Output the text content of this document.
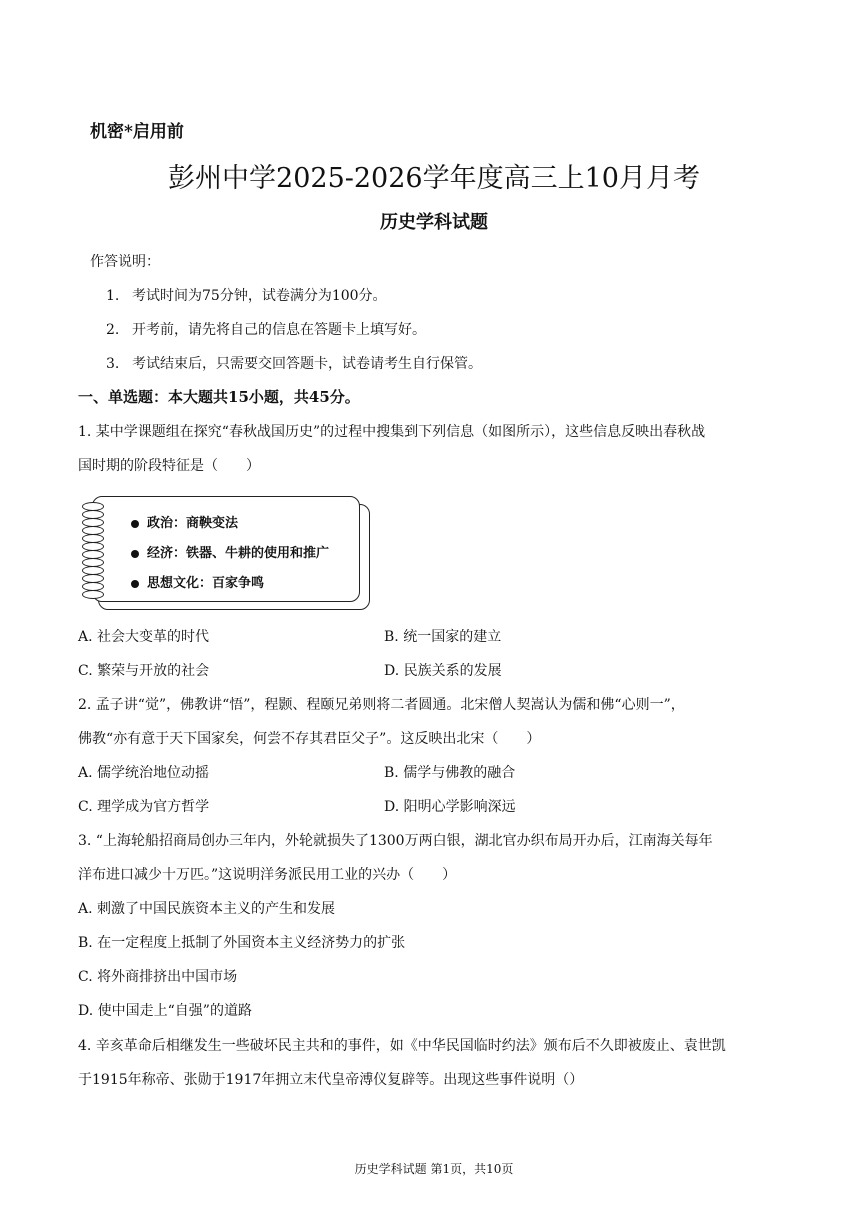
机密*启用前
彭州中学2025-2026学年度高三上10月月考
历史学科试题
作答说明：
1. 考试时间为75分钟，试卷满分为100分。
2. 开考前，请先将自己的信息在答题卡上填写好。
3. 考试结束后，只需要交回答题卡，试卷请考生自行保管。
一、单选题：本大题共15小题，共45分。
1. 某中学课题组在探究“春秋战国历史”的过程中搜集到下列信息（如图所示），这些信息反映出春秋战
国时期的阶段特征是（　　）
政治：商鞅变法
经济：铁器、牛耕的使用和推广
思想文化：百家争鸣
A. 社会大变革的时代	B. 统一国家的建立
C. 繁荣与开放的社会	D. 民族关系的发展
2. 孟子讲“觉”，佛教讲“悟”，程颢、程颐兄弟则将二者圆通。北宋僧人契嵩认为儒和佛“心则一”，
佛教“亦有意于天下国家矣，何尝不存其君臣父子”。这反映出北宋（　　）
A. 儒学统治地位动摇	B. 儒学与佛教的融合
C. 理学成为官方哲学	D. 阳明心学影响深远
3. “上海轮船招商局创办三年内，外轮就损失了1300万两白银，湖北官办织布局开办后，江南海关每年
洋布进口减少十万匹。”这说明洋务派民用工业的兴办（　　）
A. 刺激了中国民族资本主义的产生和发展
B. 在一定程度上抵制了外国资本主义经济势力的扩张
C. 将外商排挤出中国市场
D. 使中国走上“自强”的道路
4. 辛亥革命后相继发生一些破坏民主共和的事件，如《中华民国临时约法》颁布后不久即被废止、袁世凯
于1915年称帝、张勋于1917年拥立末代皇帝溥仪复辟等。出现这些事件说明（）
历史学科试题 第1页，共10页
